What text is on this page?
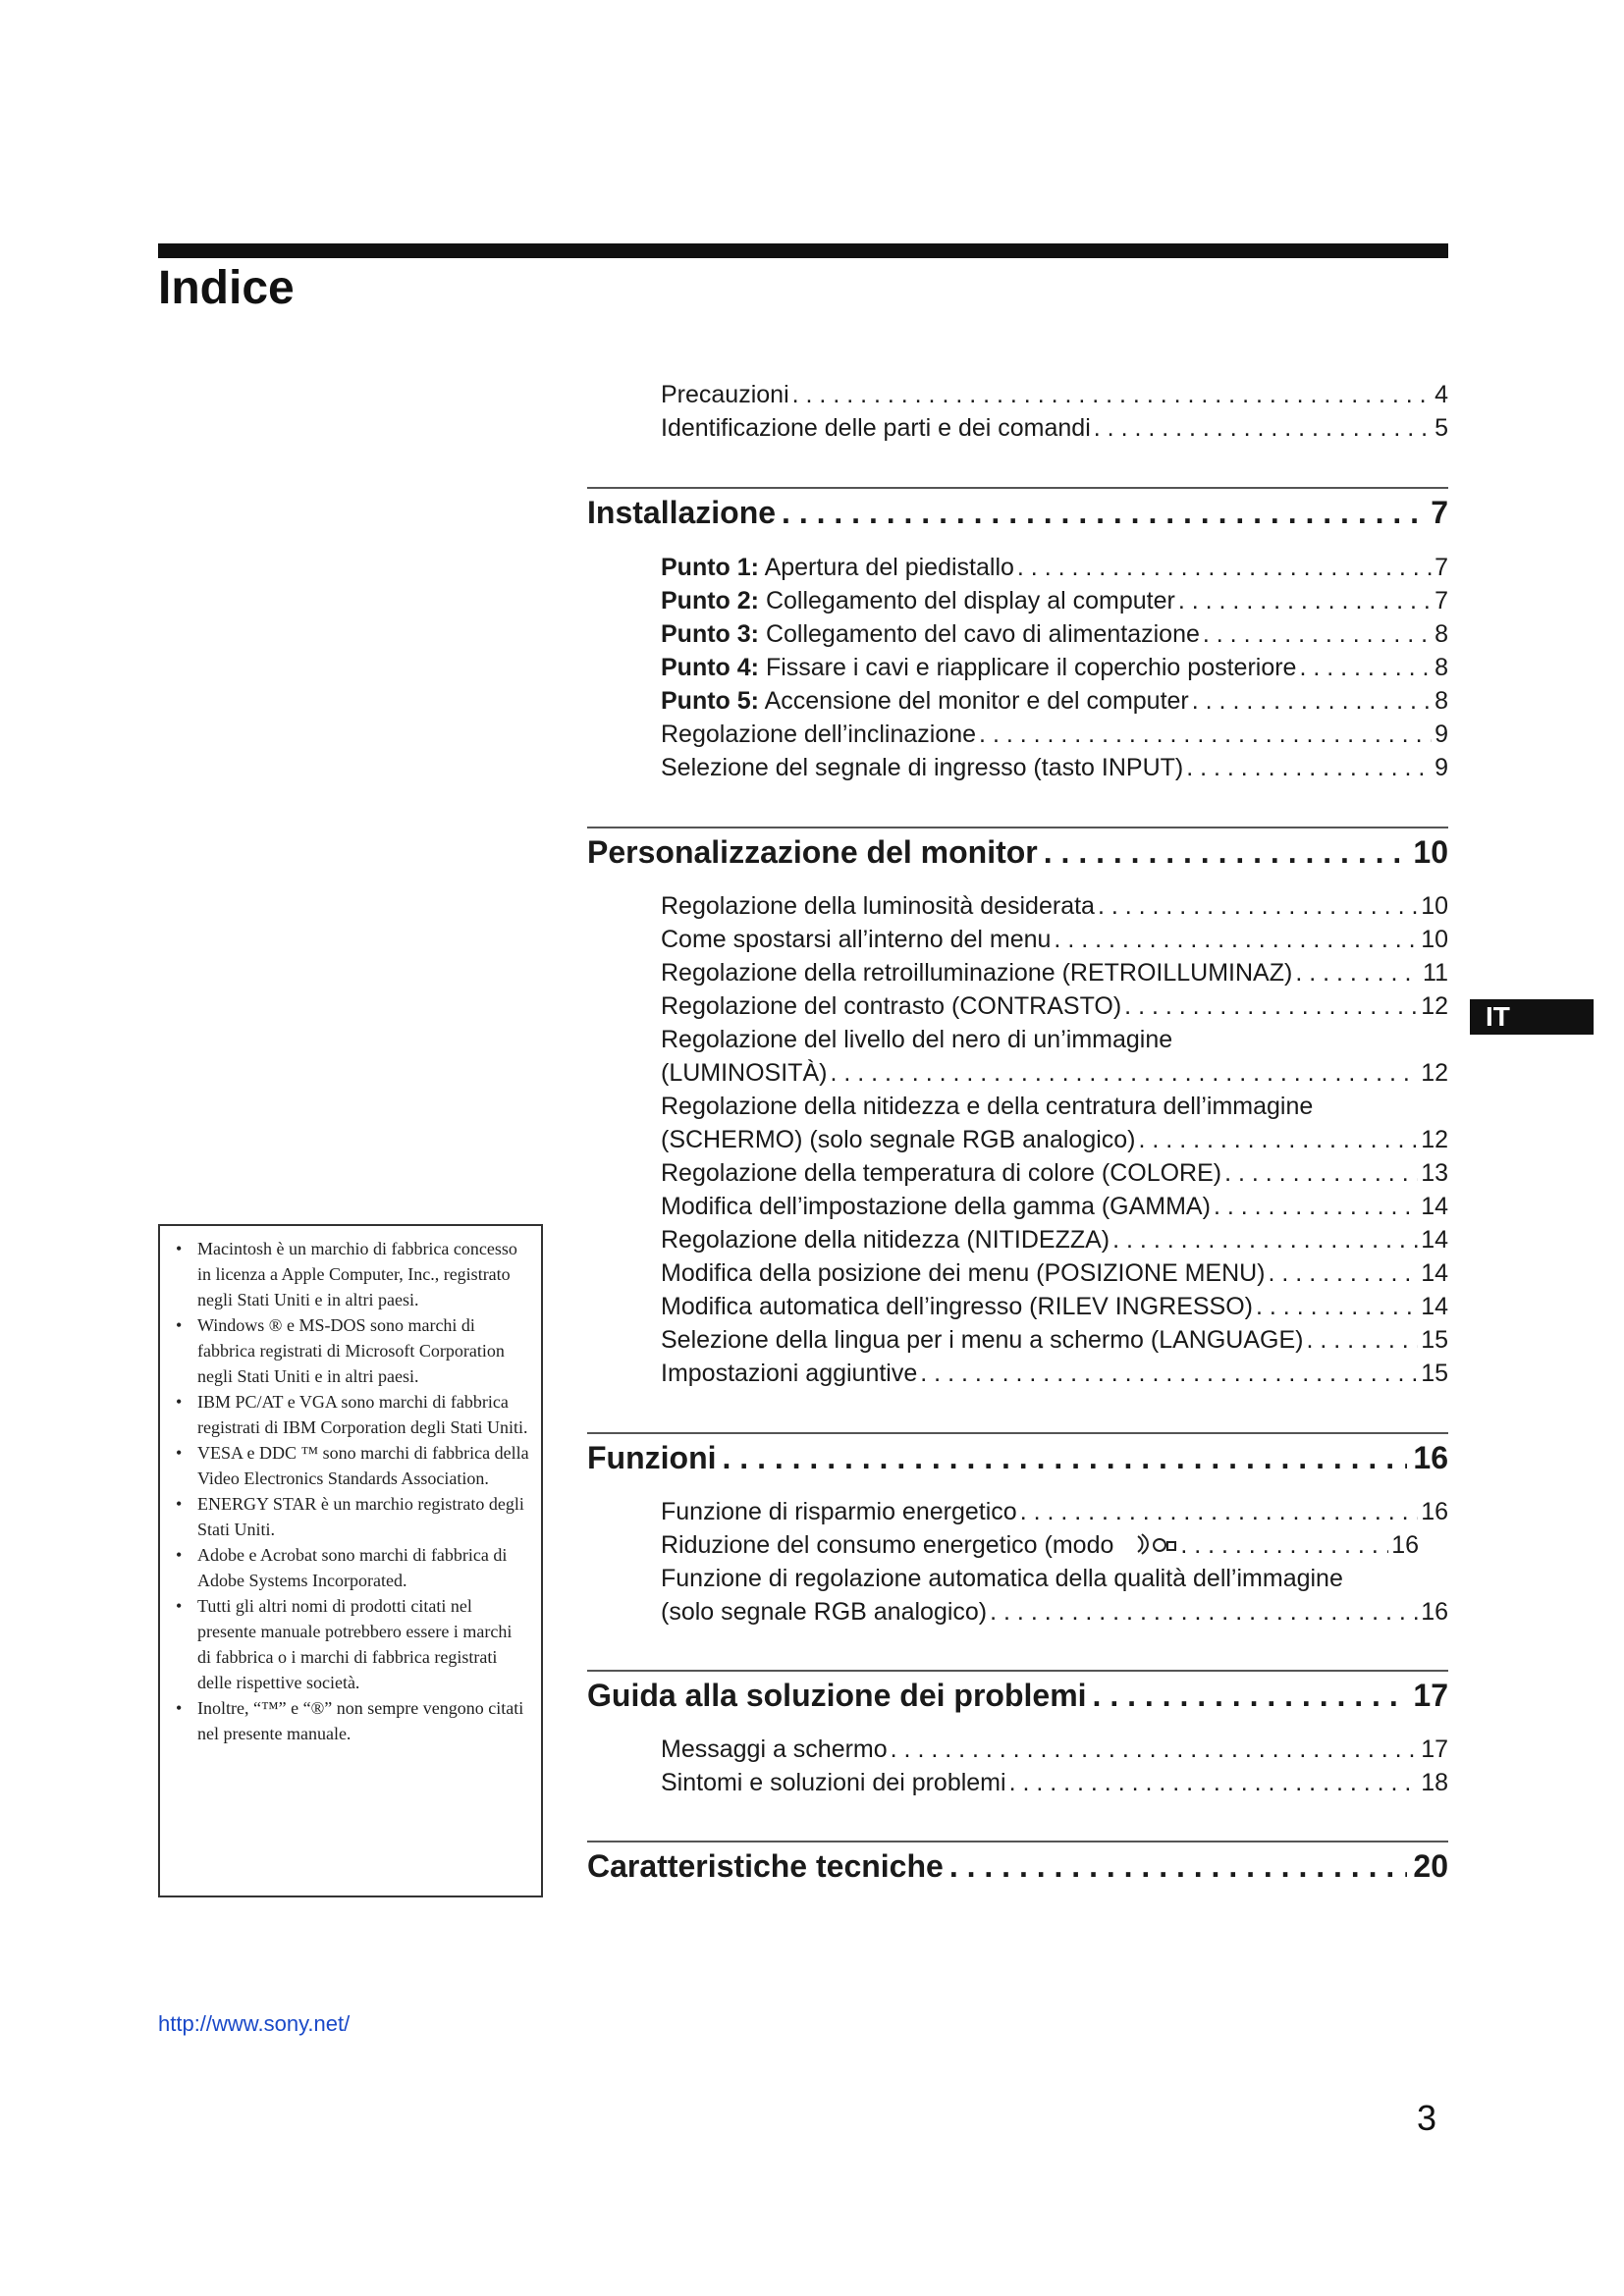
Indice
Precauzioni . . .	4
Identificazione delle parti e dei comandi . . .	5
Installazione . . .	7
Punto 1: Apertura del piedistallo . . .	7
Punto 2: Collegamento del display al computer . . .	7
Punto 3: Collegamento del cavo di alimentazione . . .	8
Punto 4: Fissare i cavi e riapplicare il coperchio posteriore . . .	8
Punto 5: Accensione del monitor e del computer . . .	8
Regolazione dell’inclinazione . . .	9
Selezione del segnale di ingresso (tasto INPUT) . . .	9
Personalizzazione del monitor . . .	10
Regolazione della luminosità desiderata . . .	10
Come spostarsi all’interno del menu . . .	10
Regolazione della retroilluminazione (RETROILLUMINAZ) . . .	11
Regolazione del contrasto (CONTRASTO) . . .	12
Regolazione del livello del nero di un’immagine
(LUMINOSITÀ) . . .	12
Regolazione della nitidezza e della centratura dell’immagine
(SCHERMO) (solo segnale RGB analogico) . . .	12
Regolazione della temperatura di colore (COLORE) . . .	13
Modifica dell’impostazione della gamma (GAMMA) . . .	14
Regolazione della nitidezza (NITIDEZZA) . . .	14
Modifica della posizione dei menu (POSIZIONE MENU) . . .	14
Modifica automatica dell’ingresso (RILEV INGRESSO) . . .	14
Selezione della lingua per i menu a schermo (LANGUAGE) . . .	15
Impostazioni aggiuntive . . .	15
Funzioni . . .	16
Funzione di risparmio energetico . . .	16
Riduzione del consumo energetico (modo . . .	16
Funzione di regolazione automatica della qualità dell’immagine
(solo segnale RGB analogico) . . .	16
Guida alla soluzione dei problemi . . .	17
Messaggi a schermo . . .	17
Sintomi e soluzioni dei problemi . . .	18
Caratteristiche tecniche . . .	20
IT
• Macintosh è un marchio di fabbrica concesso in licenza a Apple Computer, Inc., registrato negli Stati Uniti e in altri paesi.
• Windows ® e MS-DOS sono marchi di fabbrica registrati di Microsoft Corporation negli Stati Uniti e in altri paesi.
• IBM PC/AT e VGA sono marchi di fabbrica registrati di IBM Corporation degli Stati Uniti.
• VESA e DDC ™ sono marchi di fabbrica della Video Electronics Standards Association.
• ENERGY STAR è un marchio registrato degli Stati Uniti.
• Adobe e Acrobat sono marchi di fabbrica di Adobe Systems Incorporated.
• Tutti gli altri nomi di prodotti citati nel presente manuale potrebbero essere i marchi di fabbrica o i marchi di fabbrica registrati delle rispettive società.
• Inoltre, “™” e “®” non sempre vengono citati nel presente manuale.
http://www.sony.net/
3
